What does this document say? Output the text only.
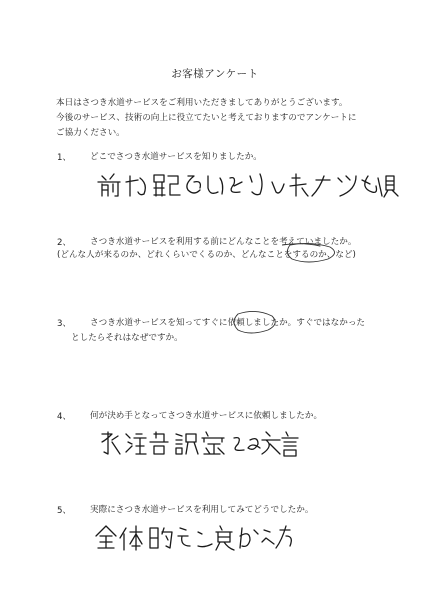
お客様アンケート
本日はさつき水道サービスをご利用いただきましてありがとうございます。
今後のサービス、技術の向上に役立てたいと考えておりますのでアンケートに
ご協力ください。
1、 どこでさつき水道サービスを知りましたか。
2、 さつき水道サービスを利用する前にどんなことを考えていましたか。
(どんな人が来るのか、どれくらいでくるのか、どんなことをするのか、など)
3、 さつき水道サービスを知ってすぐに依頼しましたか。すぐではなかった
としたらそれはなぜですか。
4、 何が決め手となってさつき水道サービスに依頼しましたか。
5、 実際にさつき水道サービスを利用してみてどうでしたか。
